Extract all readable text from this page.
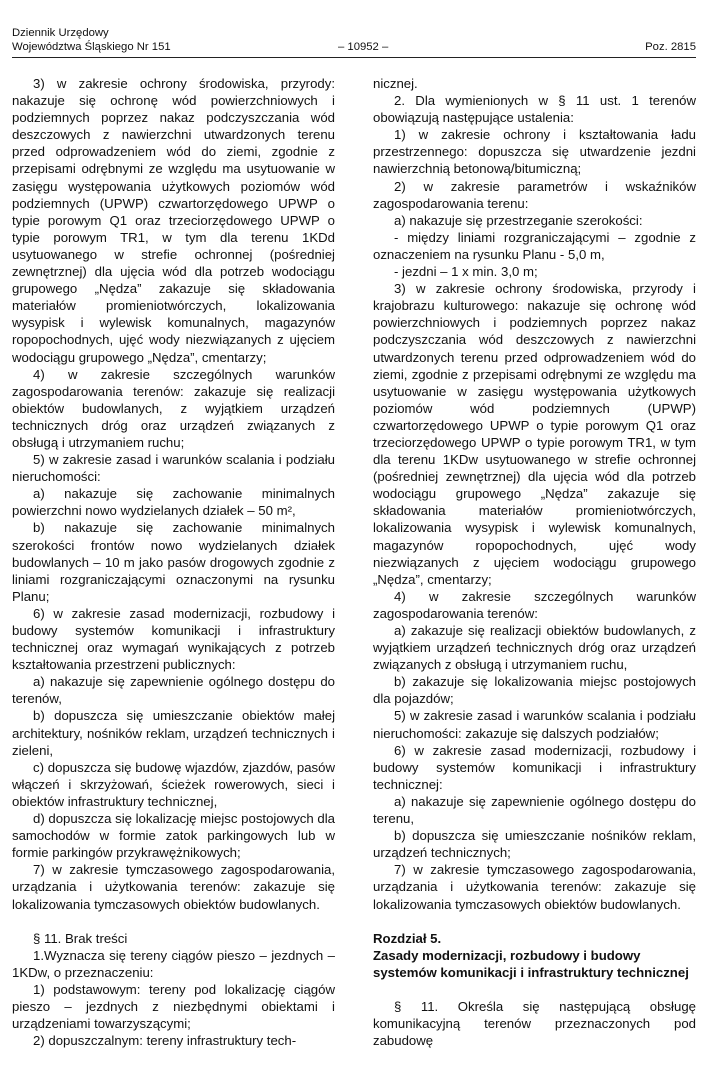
Dziennik Urzędowy
Województwa Śląskiego Nr 151	– 10952 –	Poz. 2815

3) w zakresie ochrony środowiska, przyrody: nakazuje się ochronę wód powierzchniowych i podziemnych poprzez nakaz podczyszczania wód deszczowych z nawierzchni utwardzonych terenu przed odprowadzeniem wód do ziemi, zgodnie z przepisami odrębnymi ze względu ma usytuowanie w zasięgu występowania użytkowych poziomów wód podziemnych (UPWP) czwartorzędowego UPWP o typie porowym Q1 oraz trzeciorzędowego UPWP o typie porowym TR1, w tym dla terenu 1KDd usytuowanego w strefie ochronnej (pośredniej zewnętrznej) dla ujęcia wód dla potrzeb wodociągu grupowego „Nędza” zakazuje się składowania materiałów promieniotwórczych, lokalizowania wysypisk i wylewisk komunalnych, magazynów ropopochodnych, ujęć wody niezwiązanych z ujęciem wodociągu grupowego „Nędza”, cmentarzy;

4) w zakresie szczególnych warunków zagospodarowania terenów: zakazuje się realizacji obiektów budowlanych, z wyjątkiem urządzeń technicznych dróg oraz urządzeń związanych z obsługą i utrzymaniem ruchu;

5) w zakresie zasad i warunków scalania i podziału nieruchomości:

a) nakazuje się zachowanie minimalnych powierzchni nowo wydzielanych działek – 50 m²,

b) nakazuje się zachowanie minimalnych szerokości frontów nowo wydzielanych działek budowlanych – 10 m jako pasów drogowych zgodnie z liniami rozgraniczającymi oznaczonymi na rysunku Planu;

6) w zakresie zasad modernizacji, rozbudowy i budowy systemów komunikacji i infrastruktury technicznej oraz wymagań wynikających z potrzeb kształtowania przestrzeni publicznych:

a) nakazuje się zapewnienie ogólnego dostępu do terenów,

b) dopuszcza się umieszczanie obiektów małej architektury, nośników reklam, urządzeń technicznych i zieleni,

c) dopuszcza się budowę wjazdów, zjazdów, pasów włączeń i skrzyżowań, ścieżek rowerowych, sieci i obiektów infrastruktury technicznej,

d) dopuszcza się lokalizację miejsc postojowych dla samochodów w formie zatok parkingowych lub w formie parkingów przykrawężnikowych;

7) w zakresie tymczasowego zagospodarowania, urządzania i użytkowania terenów: zakazuje się lokalizowania tymczasowych obiektów budowlanych.

§ 11. Brak treści

1.Wyznacza się tereny ciągów pieszo – jezdnych – 1KDw, o przeznaczeniu:

1) podstawowym: tereny pod lokalizację ciągów pieszo – jezdnych z niezbędnymi obiektami i urządzeniami towarzyszącymi;

2) dopuszczalnym: tereny infrastruktury tech-

nicznej.

2. Dla wymienionych w § 11 ust. 1 terenów obowiązują następujące ustalenia:

1) w zakresie ochrony i kształtowania ładu przestrzennego: dopuszcza się utwardzenie jezdni nawierzchnią betonową/bitumiczną;

2) w zakresie parametrów i wskaźników zagospodarowania terenu:

a) nakazuje się przestrzeganie szerokości:

- między liniami rozgraniczającymi – zgodnie z oznaczeniem na rysunku Planu - 5,0 m,

- jezdni – 1 x min. 3,0 m;

3) w zakresie ochrony środowiska, przyrody i krajobrazu kulturowego: nakazuje się ochronę wód powierzchniowych i podziemnych poprzez nakaz podczyszczania wód deszczowych z nawierzchni utwardzonych terenu przed odprowadzeniem wód do ziemi, zgodnie z przepisami odrębnymi ze względu ma usytuowanie w zasięgu występowania użytkowych poziomów wód podziemnych (UPWP) czwartorzędowego UPWP o typie porowym Q1 oraz trzeciorzędowego UPWP o typie porowym TR1, w tym dla terenu 1KDw usytuowanego w strefie ochronnej (pośredniej zewnętrznej) dla ujęcia wód dla potrzeb wodociągu grupowego „Nędza” zakazuje się składowania materiałów promieniotwórczych, lokalizowania wysypisk i wylewisk komunalnych, magazynów ropopochodnych, ujęć wody niezwiązanych z ujęciem wodociągu grupowego „Nędza”, cmentarzy;

4) w zakresie szczególnych warunków zagospodarowania terenów:

a) zakazuje się realizacji obiektów budowlanych, z wyjątkiem urządzeń technicznych dróg oraz urządzeń związanych z obsługą i utrzymaniem ruchu,

b) zakazuje się lokalizowania miejsc postojowych dla pojazdów;

5) w zakresie zasad i warunków scalania i podziału nieruchomości: zakazuje się dalszych podziałów;

6) w zakresie zasad modernizacji, rozbudowy i budowy systemów komunikacji i infrastruktury technicznej:

a) nakazuje się zapewnienie ogólnego dostępu do terenu,

b) dopuszcza się umieszczanie nośników reklam, urządzeń technicznych;

7) w zakresie tymczasowego zagospodarowania, urządzania i użytkowania terenów: zakazuje się lokalizowania tymczasowych obiektów budowlanych.

Rozdział 5.

Zasady modernizacji, rozbudowy i budowy systemów komunikacji i infrastruktury technicznej

§ 11. Określa się następującą obsługę komunikacyjną terenów przeznaczonych pod zabudowę
